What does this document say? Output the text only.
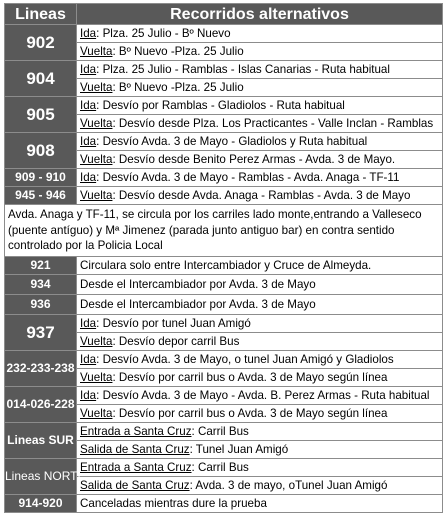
Lineas	Recorridos alternativos
902	Ida: Plza. 25 Julio - Bº Nuevo
	Vuelta: Bº Nuevo -Plza. 25 Julio
904	Ida: Plza. 25 Julio - Ramblas - Islas Canarias - Ruta habitual
	Vuelta: Bº Nuevo -Plza. 25 Julio
905	Ida: Desvío por Ramblas - Gladiolos - Ruta habitual
	Vuelta: Desvío desde Plza. Los Practicantes - Valle Inclan - Ramblas
908	Ida: Desvío Avda. 3 de Mayo - Gladiolos y Ruta habitual
	Vuelta: Desvío desde Benito Perez Armas - Avda. 3 de Mayo.
909 - 910	Ida: Desvío Avda. 3 de Mayo - Ramblas - Avda. Anaga - TF-11
945 - 946	Vuelta: Desvío desde Avda. Anaga - Ramblas - Avda. 3 de Mayo
Avda. Anaga y TF-11, se circula por los carriles lado monte,entrando a Valleseco (puente antíguo) y Mª Jimenez (parada junto antiguo bar) en contra sentido controlado por la Policia Local	
921	Circulara solo entre Intercambiador y Cruce de Almeyda.
934	Desde el Intercambiador por Avda. 3 de Mayo
936	Desde el Intercambiador por Avda. 3 de Mayo
937	Ida: Desvío por tunel Juan Amigó
	Vuelta: Desvío depor carril Bus
232-233-238	Ida: Desvío Avda. 3 de Mayo, o tunel Juan Amigó y Gladiolos
	Vuelta: Desvío por carril bus o Avda. 3 de Mayo según línea
014-026-228	Ida: Desvío Avda. 3 de Mayo - Avda. B. Perez Armas - Ruta habitual
	Vuelta: Desvío por carril bus o Avda. 3 de Mayo según línea
Lineas SUR	Entrada a Santa Cruz: Carril Bus
	Salida de Santa Cruz: Tunel Juan Amigó
Lineas NORTE	Entrada a Santa Cruz: Carril Bus
	Salida de Santa Cruz: Avda. 3 de mayo, oTunel Juan Amigó
914-920	Canceladas mientras dure la prueba
